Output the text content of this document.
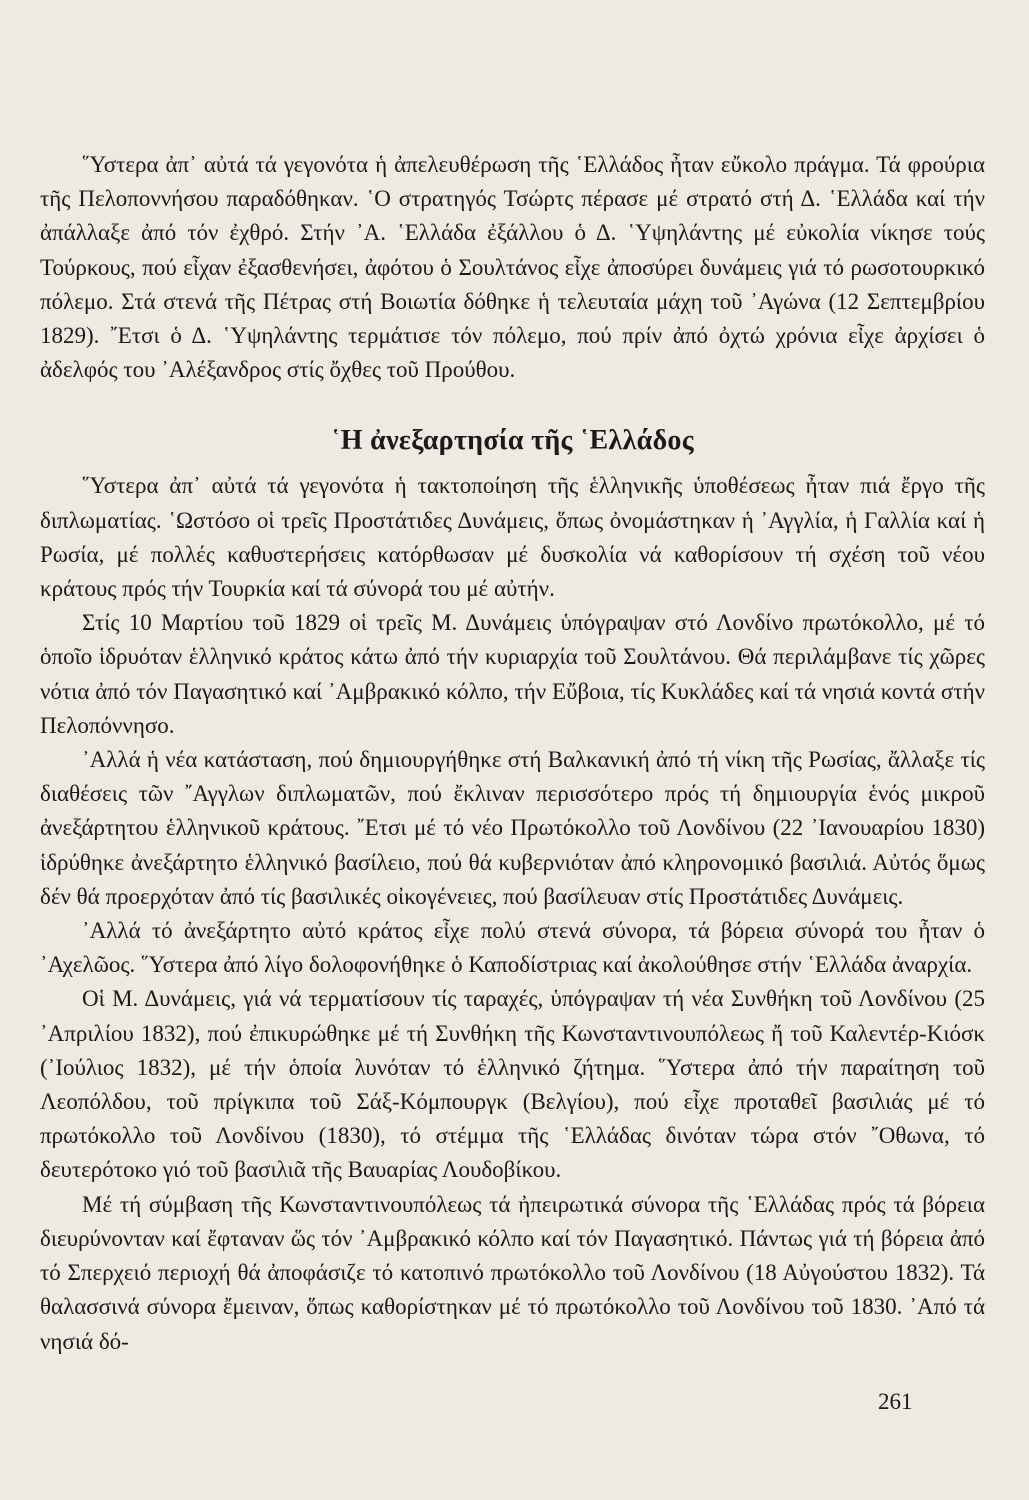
῞Υστερα ἀπ᾽ αὐτά τά γεγονότα ἡ ἀπελευθέρωση τῆς ῾Ελλάδος ἦταν εὔκολο πράγμα. Τά φρούρια τῆς Πελοποννήσου παραδόθηκαν. ῾Ο στρατηγός Τσώρτς πέρασε μέ στρατό στή Δ. ῾Ελλάδα καί τήν ἀπάλλαξε ἀπό τόν ἐχθρό. Στήν ᾽Α. ῾Ελλάδα ἐξάλλου ὁ Δ. ῾Υψηλάντης μέ εὐκολία νίκησε τούς Τούρκους, πού εἶχαν ἐξασθενήσει, ἀφότου ὁ Σουλτάνος εἶχε ἀποσύρει δυνάμεις γιά τό ρωσοτουρκικό πόλεμο. Στά στενά τῆς Πέτρας στή Βοιωτία δόθηκε ἡ τελευταία μάχη τοῦ ᾽Αγώνα (12 Σεπτεμβρίου 1829). ῎Ετσι ὁ Δ. ῾Υψηλάντης τερμάτισε τόν πόλεμο, πού πρίν ἀπό ὀχτώ χρόνια εἶχε ἀρχίσει ὁ ἀδελφός του ᾽Αλέξανδρος στίς ὄχθες τοῦ Προύθου.

῾Η ἀνεξαρτησία τῆς ῾Ελλάδος

῞Υστερα ἀπ᾽ αὐτά τά γεγονότα ἡ τακτοποίηση τῆς ἑλληνικῆς ὑποθέσεως ἦταν πιά ἔργο τῆς διπλωματίας. ῾Ωστόσο οἱ τρεῖς Προστάτιδες Δυνάμεις, ὅπως ὀνομάστηκαν ἡ ᾽Αγγλία, ἡ Γαλλία καί ἡ Ρωσία, μέ πολλές καθυστερήσεις κατόρθωσαν μέ δυσκολία νά καθορίσουν τή σχέση τοῦ νέου κράτους πρός τήν Τουρκία καί τά σύνορά του μέ αὐτήν.

Στίς 10 Μαρτίου τοῦ 1829 οἱ τρεῖς Μ. Δυνάμεις ὑπόγραψαν στό Λονδίνο πρωτόκολλο, μέ τό ὁποῖο ἱδρυόταν ἑλληνικό κράτος κάτω ἀπό τήν κυριαρχία τοῦ Σουλτάνου. Θά περιλάμβανε τίς χῶρες νότια ἀπό τόν Παγασητικό καί ᾽Αμβρακικό κόλπο, τήν Εὔβοια, τίς Κυκλάδες καί τά νησιά κοντά στήν Πελοπόννησο.

᾽Αλλά ἡ νέα κατάσταση, πού δημιουργήθηκε στή Βαλκανική ἀπό τή νίκη τῆς Ρωσίας, ἄλλαξε τίς διαθέσεις τῶν ῎Αγγλων διπλωματῶν, πού ἔκλιναν περισσότερο πρός τή δημιουργία ἑνός μικροῦ ἀνεξάρτητου ἑλληνικοῦ κράτους. ῎Ετσι μέ τό νέο Πρωτόκολλο τοῦ Λονδίνου (22 ᾽Ιανουαρίου 1830) ἱδρύθηκε ἀνεξάρτητο ἑλληνικό βασίλειο, πού θά κυβερνιόταν ἀπό κληρονομικό βασιλιά. Αὐτός ὅμως δέν θά προερχόταν ἀπό τίς βασιλικές οἰκογένειες, πού βασίλευαν στίς Προστάτιδες Δυνάμεις.

᾽Αλλά τό ἀνεξάρτητο αὐτό κράτος εἶχε πολύ στενά σύνορα, τά βόρεια σύνορά του ἦταν ὁ ᾽Αχελῶος. ῞Υστερα ἀπό λίγο δολοφονήθηκε ὁ Καποδίστριας καί ἀκολούθησε στήν ῾Ελλάδα ἀναρχία.

Οἱ Μ. Δυνάμεις, γιά νά τερματίσουν τίς ταραχές, ὑπόγραψαν τή νέα Συνθήκη τοῦ Λονδίνου (25 ᾽Απριλίου 1832), πού ἐπικυρώθηκε μέ τή Συνθήκη τῆς Κωνσταντινουπόλεως ἤ τοῦ Καλεντέρ-Κιόσκ (᾽Ιούλιος 1832), μέ τήν ὁποία λυνόταν τό ἑλληνικό ζήτημα. ῞Υστερα ἀπό τήν παραίτηση τοῦ Λεοπόλδου, τοῦ πρίγκιπα τοῦ Σάξ-Κόμπουργκ (Βελγίου), πού εἶχε προταθεῖ βασιλιάς μέ τό πρωτόκολλο τοῦ Λονδίνου (1830), τό στέμμα τῆς ῾Ελλάδας δινόταν τώρα στόν ῎Οθωνα, τό δευτερότοκο γιό τοῦ βασιλιᾶ τῆς Βαυαρίας Λουδοβίκου.

Μέ τή σύμβαση τῆς Κωνσταντινουπόλεως τά ἠπειρωτικά σύνορα τῆς ῾Ελλάδας πρός τά βόρεια διευρύνονταν καί ἔφταναν ὥς τόν ᾽Αμβρακικό κόλπο καί τόν Παγασητικό. Πάντως γιά τή βόρεια ἀπό τό Σπερχειό περιοχή θά ἀποφάσιζε τό κατοπινό πρωτόκολλο τοῦ Λονδίνου (18 Αὐγούστου 1832). Τά θαλασσινά σύνορα ἔμειναν, ὅπως καθορίστηκαν μέ τό πρωτόκολλο τοῦ Λονδίνου τοῦ 1830. ᾽Από τά νησιά δό-

261
